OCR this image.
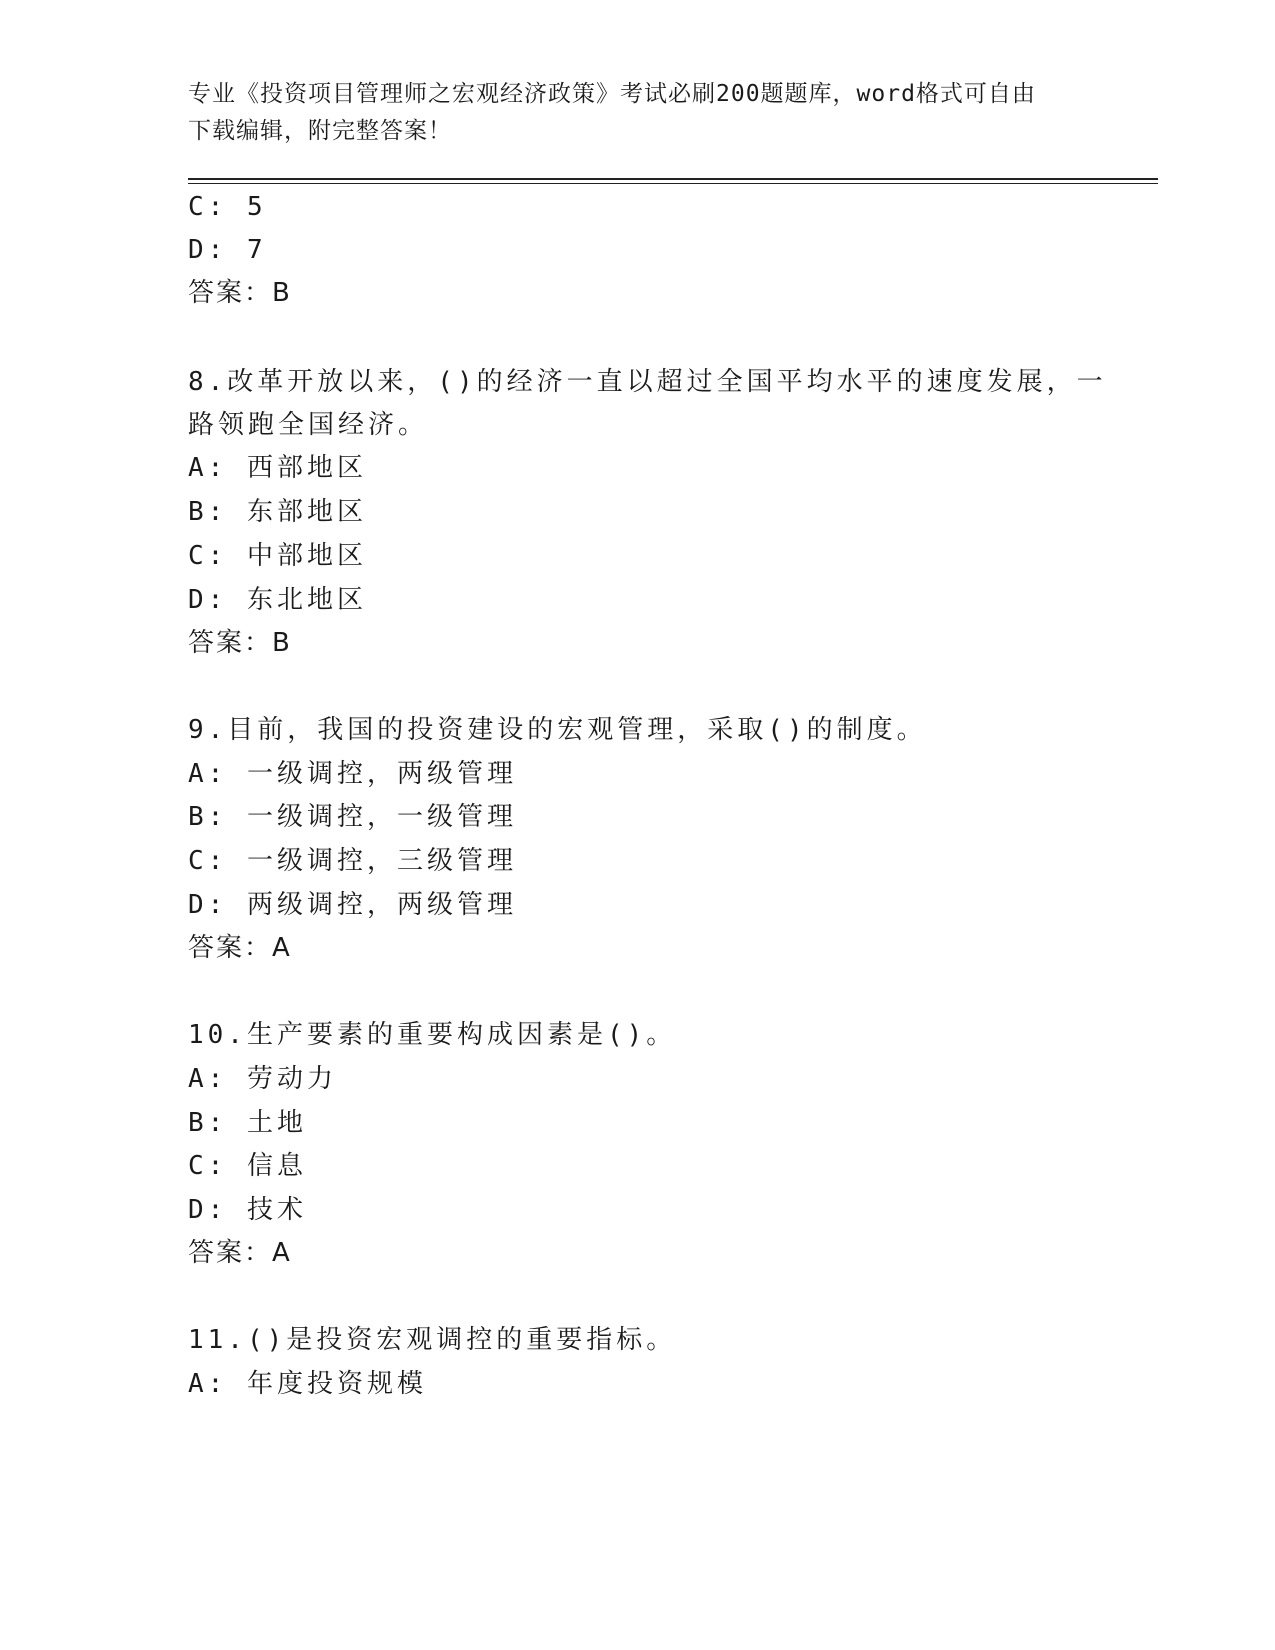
专业《投资项目管理师之宏观经济政策》考试必刷200题题库，word格式可自由
下载编辑，附完整答案！
C: 5
D: 7
答案：B
8.改革开放以来，()的经济一直以超过全国平均水平的速度发展，一
路领跑全国经济。
A: 西部地区
B: 东部地区
C: 中部地区
D: 东北地区
答案：B
9.目前，我国的投资建设的宏观管理，采取()的制度。
A: 一级调控，两级管理
B: 一级调控，一级管理
C: 一级调控，三级管理
D: 两级调控，两级管理
答案：A
10.生产要素的重要构成因素是()。
A: 劳动力
B: 土地
C: 信息
D: 技术
答案：A
11.()是投资宏观调控的重要指标。
A: 年度投资规模
